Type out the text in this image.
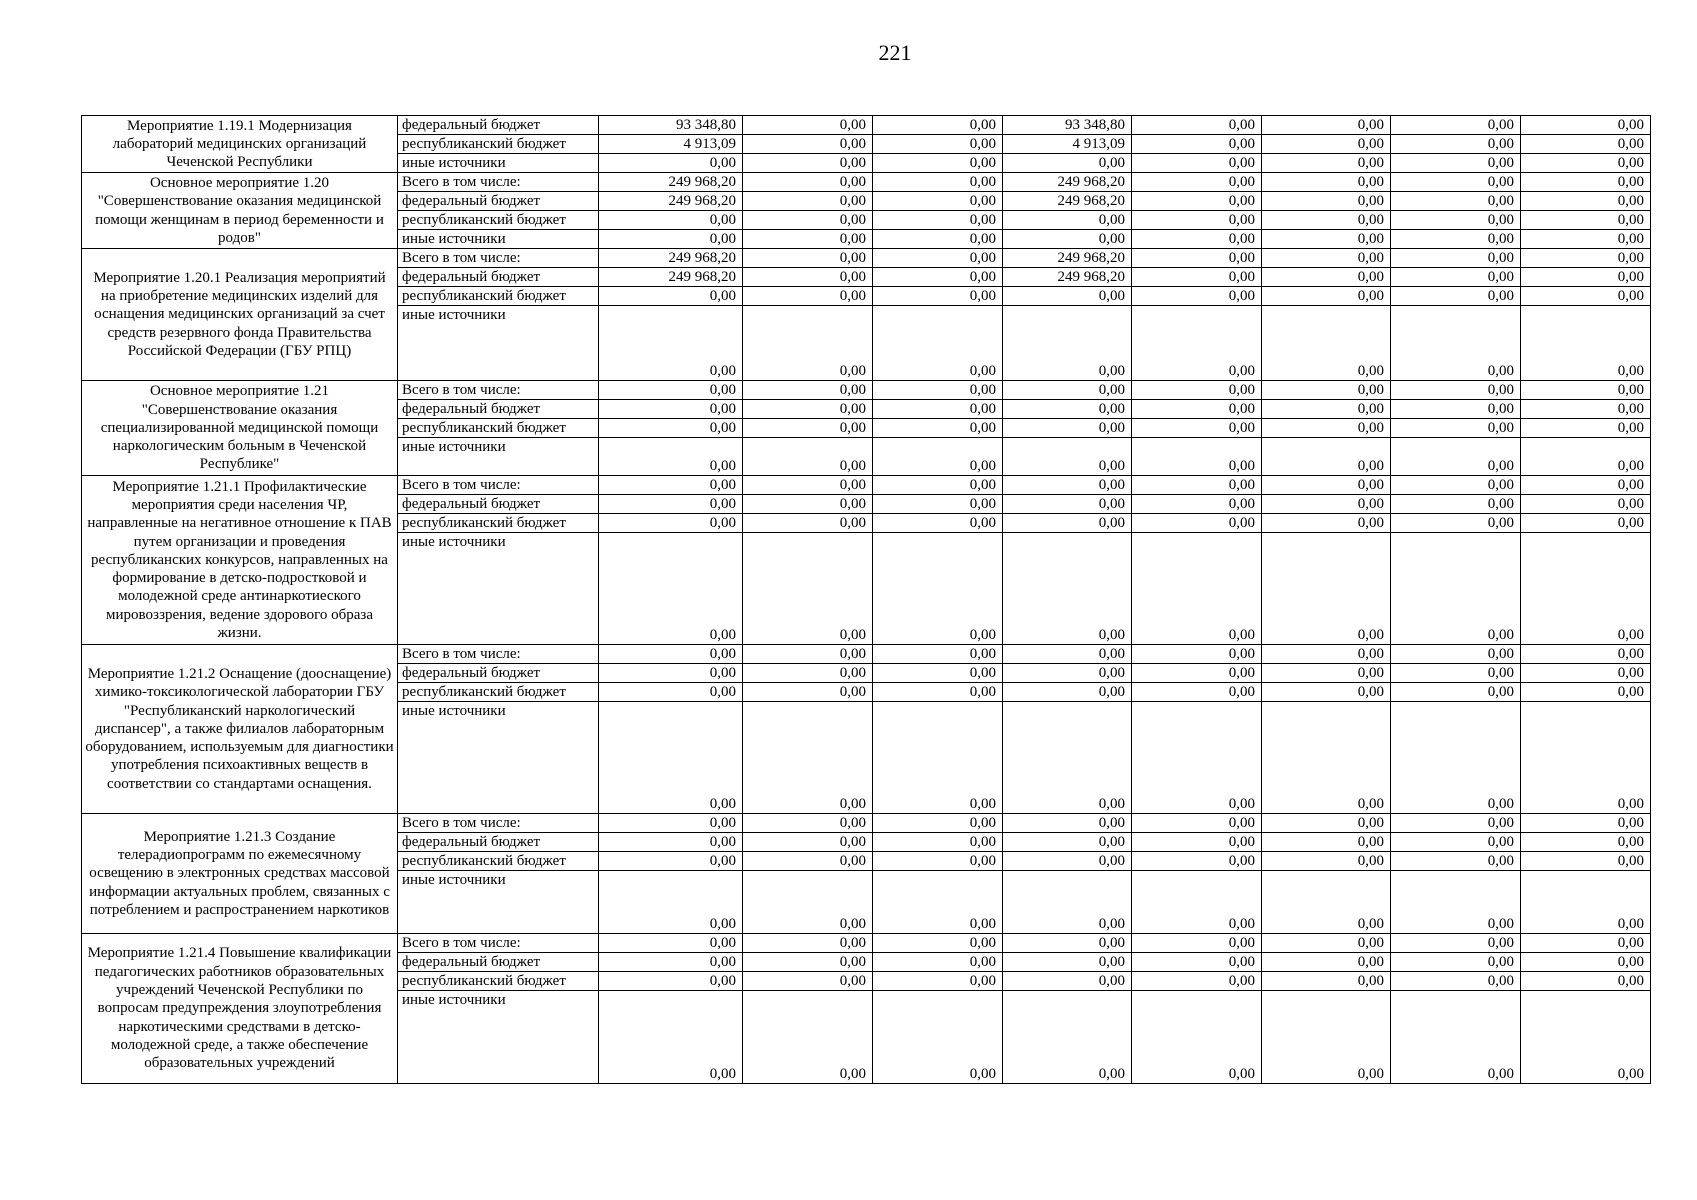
221
Мероприятие 1.19.1 Модернизация лабораторий медицинских организаций Чеченской Республики	федеральный бюджет	93 348,80	0,00	0,00	93 348,80	0,00	0,00	0,00	0,00
	республиканский бюджет	4 913,09	0,00	0,00	4 913,09	0,00	0,00	0,00	0,00
	иные источники	0,00	0,00	0,00	0,00	0,00	0,00	0,00	0,00
Основное мероприятие 1.20 "Совершенствование оказания медицинской помощи женщинам в период беременности и родов"	Всего в том числе:	249 968,20	0,00	0,00	249 968,20	0,00	0,00	0,00	0,00
	федеральный бюджет	249 968,20	0,00	0,00	249 968,20	0,00	0,00	0,00	0,00
	республиканский бюджет	0,00	0,00	0,00	0,00	0,00	0,00	0,00	0,00
	иные источники	0,00	0,00	0,00	0,00	0,00	0,00	0,00	0,00
Мероприятие 1.20.1 Реализация мероприятий на приобретение медицинских изделий для оснащения медицинских организаций за счет средств резервного фонда Правительства Российской Федерации (ГБУ РПЦ)	Всего в том числе:	249 968,20	0,00	0,00	249 968,20	0,00	0,00	0,00	0,00
	федеральный бюджет	249 968,20	0,00	0,00	249 968,20	0,00	0,00	0,00	0,00
	республиканский бюджет	0,00	0,00	0,00	0,00	0,00	0,00	0,00	0,00
	иные источники	0,00	0,00	0,00	0,00	0,00	0,00	0,00	0,00
Основное мероприятие 1.21 "Совершенствование оказания специализированной медицинской помощи наркологическим больным в Чеченской Республике"	Всего в том числе:	0,00	0,00	0,00	0,00	0,00	0,00	0,00	0,00
	федеральный бюджет	0,00	0,00	0,00	0,00	0,00	0,00	0,00	0,00
	республиканский бюджет	0,00	0,00	0,00	0,00	0,00	0,00	0,00	0,00
	иные источники	0,00	0,00	0,00	0,00	0,00	0,00	0,00	0,00
Мероприятие 1.21.1 Профилактические мероприятия среди населения ЧР, направленные на негативное отношение к ПАВ путем организации и проведения республиканских конкурсов, направленных на формирование в детско-подростковой и молодежной среде антинаркотиеского мировоззрения, ведение здорового образа жизни.	Всего в том числе:	0,00	0,00	0,00	0,00	0,00	0,00	0,00	0,00
	федеральный бюджет	0,00	0,00	0,00	0,00	0,00	0,00	0,00	0,00
	республиканский бюджет	0,00	0,00	0,00	0,00	0,00	0,00	0,00	0,00
	иные источники	0,00	0,00	0,00	0,00	0,00	0,00	0,00	0,00
Мероприятие 1.21.2 Оснащение (дооснащение) химико-токсикологической лаборатории ГБУ "Республиканский наркологический диспансер", а также филиалов лабораторным оборудованием, используемым для диагностики употребления психоактивных веществ в соответствии со стандартами оснащения.	Всего в том числе:	0,00	0,00	0,00	0,00	0,00	0,00	0,00	0,00
	федеральный бюджет	0,00	0,00	0,00	0,00	0,00	0,00	0,00	0,00
	республиканский бюджет	0,00	0,00	0,00	0,00	0,00	0,00	0,00	0,00
	иные источники	0,00	0,00	0,00	0,00	0,00	0,00	0,00	0,00
Мероприятие 1.21.3 Создание телерадиопрограмм по ежемесячному освещению в электронных средствах массовой информации актуальных проблем, связанных с потреблением и распространением наркотиков	Всего в том числе:	0,00	0,00	0,00	0,00	0,00	0,00	0,00	0,00
	федеральный бюджет	0,00	0,00	0,00	0,00	0,00	0,00	0,00	0,00
	республиканский бюджет	0,00	0,00	0,00	0,00	0,00	0,00	0,00	0,00
	иные источники	0,00	0,00	0,00	0,00	0,00	0,00	0,00	0,00
Мероприятие 1.21.4 Повышение квалификации педагогических работников образовательных учреждений Чеченской Республики по вопросам предупреждения злоупотребления наркотическими средствами в детско-молодежной среде, а также обеспечение образовательных учреждений	Всего в том числе:	0,00	0,00	0,00	0,00	0,00	0,00	0,00	0,00
	федеральный бюджет	0,00	0,00	0,00	0,00	0,00	0,00	0,00	0,00
	республиканский бюджет	0,00	0,00	0,00	0,00	0,00	0,00	0,00	0,00
	иные источники	0,00	0,00	0,00	0,00	0,00	0,00	0,00	0,00
